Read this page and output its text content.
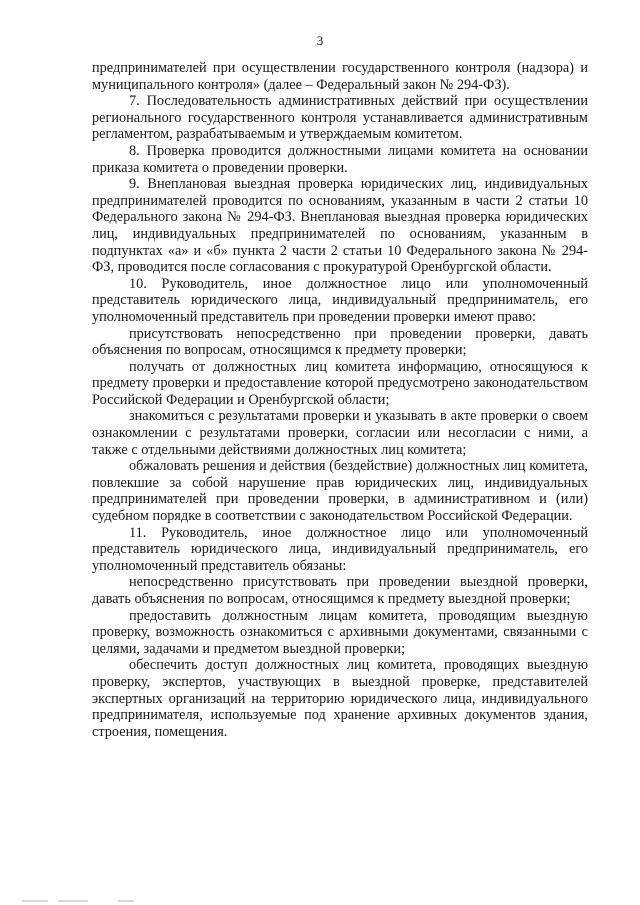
3

предпринимателей при осуществлении государственного контроля (надзора) и муниципального контроля» (далее – Федеральный закон № 294-ФЗ).

7. Последовательность административных действий при осуществлении регионального государственного контроля устанавливается административным регламентом, разрабатываемым и утверждаемым комитетом.

8. Проверка проводится должностными лицами комитета на основании приказа комитета о проведении проверки.

9. Внеплановая выездная проверка юридических лиц, индивидуальных предпринимателей проводится по основаниям, указанным в части 2 статьи 10 Федерального закона № 294-ФЗ. Внеплановая выездная проверка юридических лиц, индивидуальных предпринимателей по основаниям, указанным в подпунктах «а» и «б» пункта 2 части 2 статьи 10 Федерального закона № 294-ФЗ, проводится после согласования с прокуратурой Оренбургской области.

10. Руководитель, иное должностное лицо или уполномоченный представитель юридического лица, индивидуальный предприниматель, его уполномоченный представитель при проведении проверки имеют право:

присутствовать непосредственно при проведении проверки, давать объяснения по вопросам, относящимся к предмету проверки;

получать от должностных лиц комитета информацию, относящуюся к предмету проверки и предоставление которой предусмотрено законодательством Российской Федерации и Оренбургской области;

знакомиться с результатами проверки и указывать в акте проверки о своем ознакомлении с результатами проверки, согласии или несогласии с ними, а также с отдельными действиями должностных лиц комитета;

обжаловать решения и действия (бездействие) должностных лиц комитета, повлекшие за собой нарушение прав юридических лиц, индивидуальных предпринимателей при проведении проверки, в административном и (или) судебном порядке в соответствии с законодательством Российской Федерации.

11. Руководитель, иное должностное лицо или уполномоченный представитель юридического лица, индивидуальный предприниматель, его уполномоченный представитель обязаны:

непосредственно присутствовать при проведении выездной проверки, давать объяснения по вопросам, относящимся к предмету выездной проверки;

предоставить должностным лицам комитета, проводящим выездную проверку, возможность ознакомиться с архивными документами, связанными с целями, задачами и предметом выездной проверки;

обеспечить доступ должностных лиц комитета, проводящих выездную проверку, экспертов, участвующих в выездной проверке, представителей экспертных организаций на территорию юридического лица, индивидуального предпринимателя, используемые под хранение архивных документов здания, строения, помещения.
